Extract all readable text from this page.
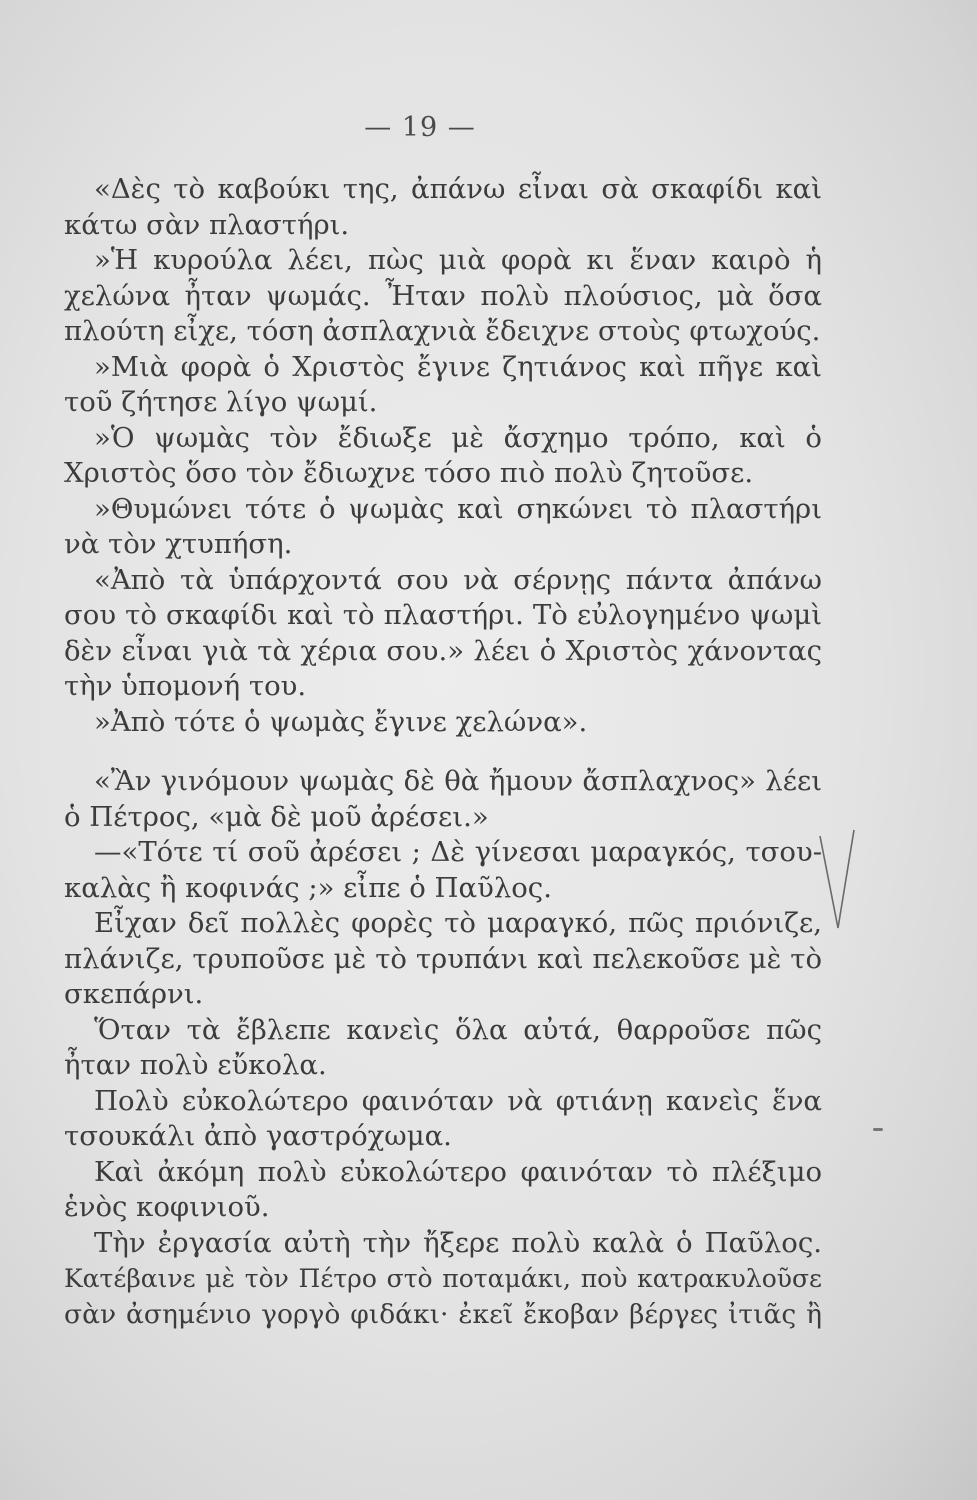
— 19 —
«Δὲς τὸ καβούκι της, ἀπάνω εἶναι σὰ σκαφίδι καὶ
κάτω σὰν πλαστήρι.
»Ἡ κυρούλα λέει, πὼς μιὰ φορὰ κι ἕναν καιρὸ ἡ
χελώνα ἦταν ψωμάς. Ἦταν πολὺ πλούσιος, μὰ ὅσα
πλούτη εἶχε, τόση ἀσπλαχνιὰ ἔδειχνε στοὺς φτωχούς.
»Μιὰ φορὰ ὁ Χριστὸς ἔγινε ζητιάνος καὶ πῆγε καὶ
τοῦ ζήτησε λίγο ψωμί.
»Ὁ ψωμὰς τὸν ἔδιωξε μὲ ἄσχημο τρόπο, καὶ ὁ
Χριστὸς ὅσο τὸν ἔδιωχνε τόσο πιὸ πολὺ ζητοῦσε.
»Θυμώνει τότε ὁ ψωμὰς καὶ σηκώνει τὸ πλαστήρι
νὰ τὸν χτυπήση.
«Ἀπὸ τὰ ὑπάρχοντά σου νὰ σέρνῃς πάντα ἀπάνω
σου τὸ σκαφίδι καὶ τὸ πλαστήρι. Τὸ εὐλογημένο ψωμὶ
δὲν εἶναι γιὰ τὰ χέρια σου.» λέει ὁ Χριστὸς χάνοντας
τὴν ὑπομονή του.
»Ἀπὸ τότε ὁ ψωμὰς ἔγινε χελώνα».
«Ἂν γινόμουν ψωμὰς δὲ θὰ ἤμουν ἄσπλαχνος» λέει
ὁ Πέτρος, «μὰ δὲ μοῦ ἀρέσει.»
—«Τότε τί σοῦ ἀρέσει ; Δὲ γίνεσαι μαραγκός, τσου-
καλὰς ἢ κοφινάς ;» εἶπε ὁ Παῦλος.
Εἶχαν δεῖ πολλὲς φορὲς τὸ μαραγκό, πῶς πριόνιζε,
πλάνιζε, τρυποῦσε μὲ τὸ τρυπάνι καὶ πελεκοῦσε μὲ τὸ
σκεπάρνι.
Ὅταν τὰ ἔβλεπε κανεὶς ὅλα αὐτά, θαρροῦσε πῶς
ἦταν πολὺ εὔκολα.
Πολὺ εὐκολώτερο φαινόταν νὰ φτιάνῃ κανεὶς ἕνα
τσουκάλι ἀπὸ γαστρόχωμα.
Καὶ ἀκόμη πολὺ εὐκολώτερο φαινόταν τὸ πλέξιμο
ἑνὸς κοφινιοῦ.
Τὴν ἐργασία αὐτὴ τὴν ἤξερε πολὺ καλὰ ὁ Παῦλος.
Κατέβαινε μὲ τὸν Πέτρο στὸ ποταμάκι, ποὺ κατρακυλοῦσε
σὰν ἀσημένιο γοργὸ φιδάκι· ἐκεῖ ἔκοβαν βέργες ἰτιᾶς ἢ
